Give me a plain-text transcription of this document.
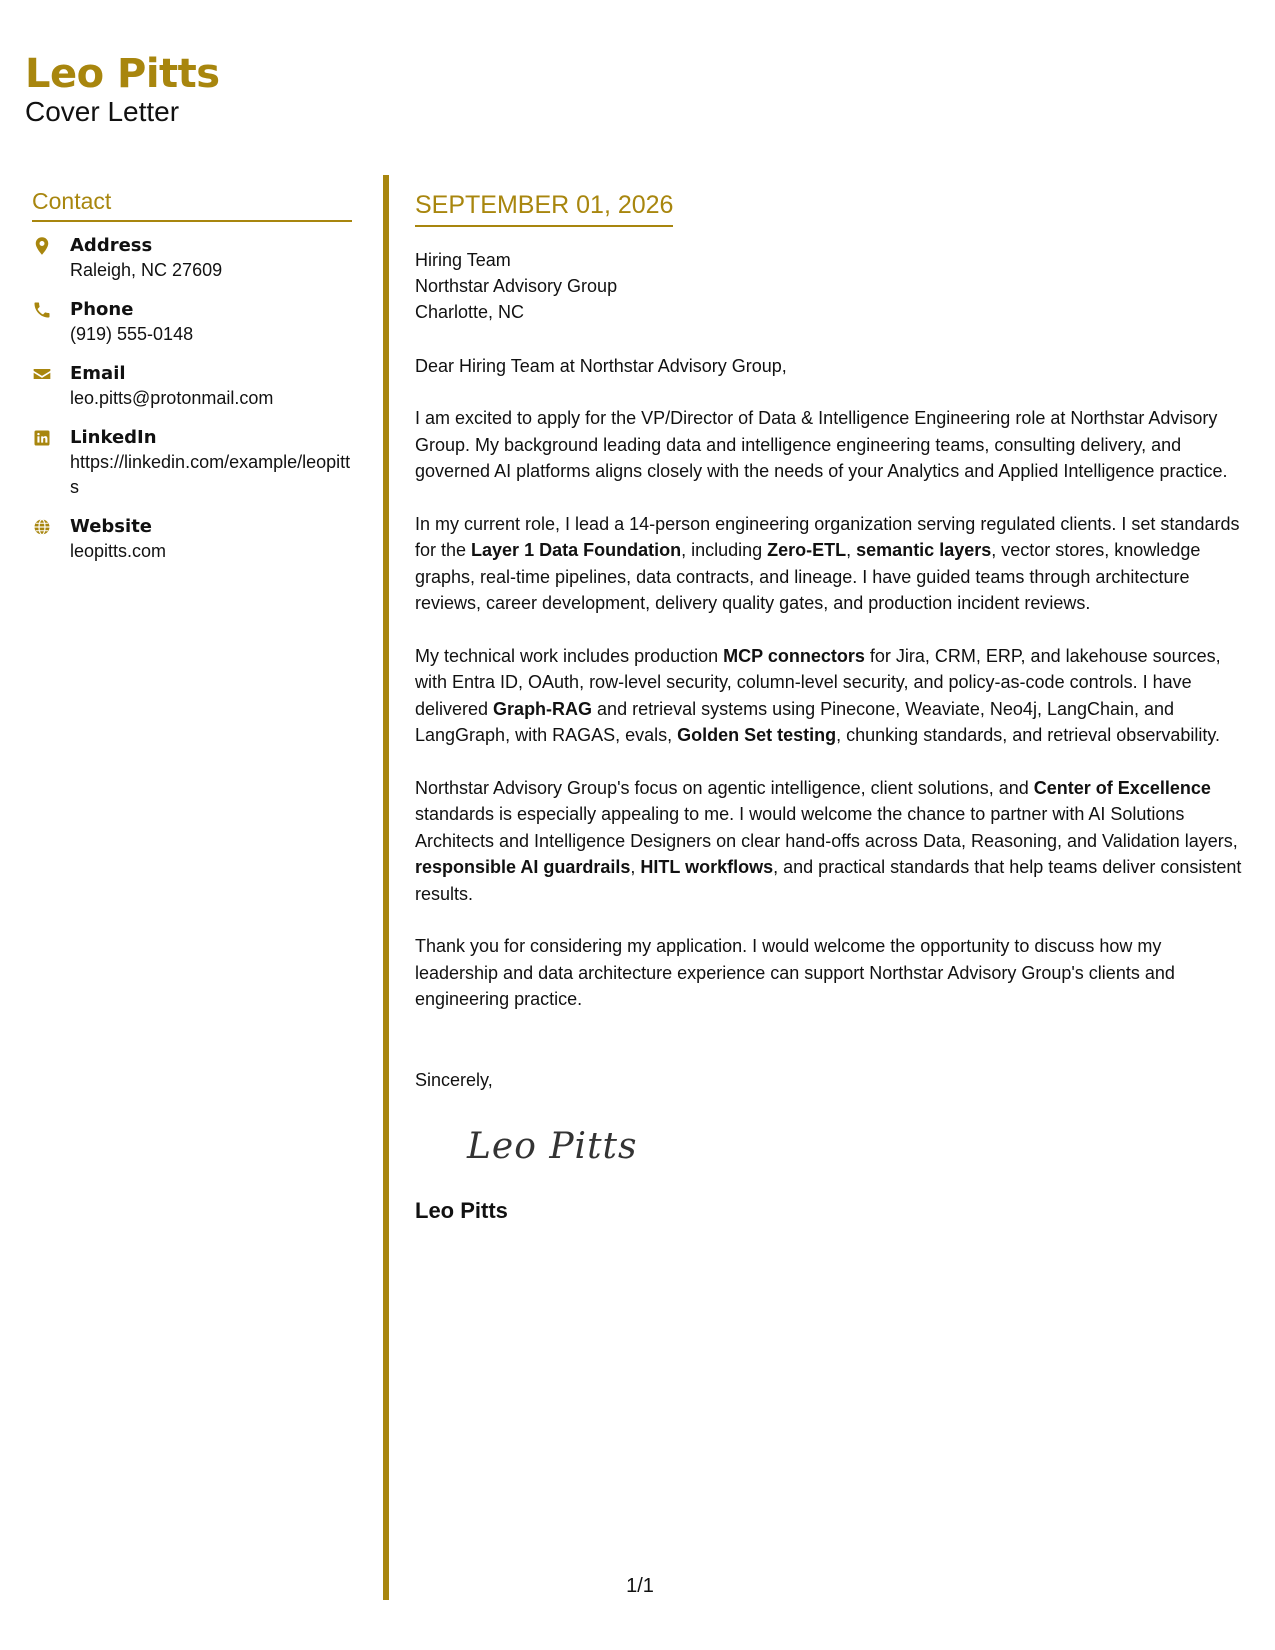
Leo Pitts
Cover Letter
Contact
Address
Raleigh, NC 27609
Phone
(919) 555-0148
Email
leo.pitts@protonmail.com
LinkedIn
https://linkedin.com/example/leopitts
Website
leopitts.com
SEPTEMBER 01, 2026
Hiring Team
Northstar Advisory Group
Charlotte, NC
Dear Hiring Team at Northstar Advisory Group,

I am excited to apply for the VP/Director of Data & Intelligence Engineering role at Northstar Advisory Group. My background leading data and intelligence engineering teams, consulting delivery, and governed AI platforms aligns closely with the needs of your Analytics and Applied Intelligence practice.

In my current role, I lead a 14-person engineering organization serving regulated clients. I set standards for the Layer 1 Data Foundation, including Zero-ETL, semantic layers, vector stores, knowledge graphs, real-time pipelines, data contracts, and lineage. I have guided teams through architecture reviews, career development, delivery quality gates, and production incident reviews.

My technical work includes production MCP connectors for Jira, CRM, ERP, and lakehouse sources, with Entra ID, OAuth, row-level security, column-level security, and policy-as-code controls. I have delivered Graph-RAG and retrieval systems using Pinecone, Weaviate, Neo4j, LangChain, and LangGraph, with RAGAS, evals, Golden Set testing, chunking standards, and retrieval observability.

Northstar Advisory Group's focus on agentic intelligence, client solutions, and Center of Excellence standards is especially appealing to me. I would welcome the chance to partner with AI Solutions Architects and Intelligence Designers on clear hand-offs across Data, Reasoning, and Validation layers, responsible AI guardrails, HITL workflows, and practical standards that help teams deliver consistent results.

Thank you for considering my application. I would welcome the opportunity to discuss how my leadership and data architecture experience can support Northstar Advisory Group's clients and engineering practice.

Sincerely,
Leo Pitts
Leo Pitts
1/1
